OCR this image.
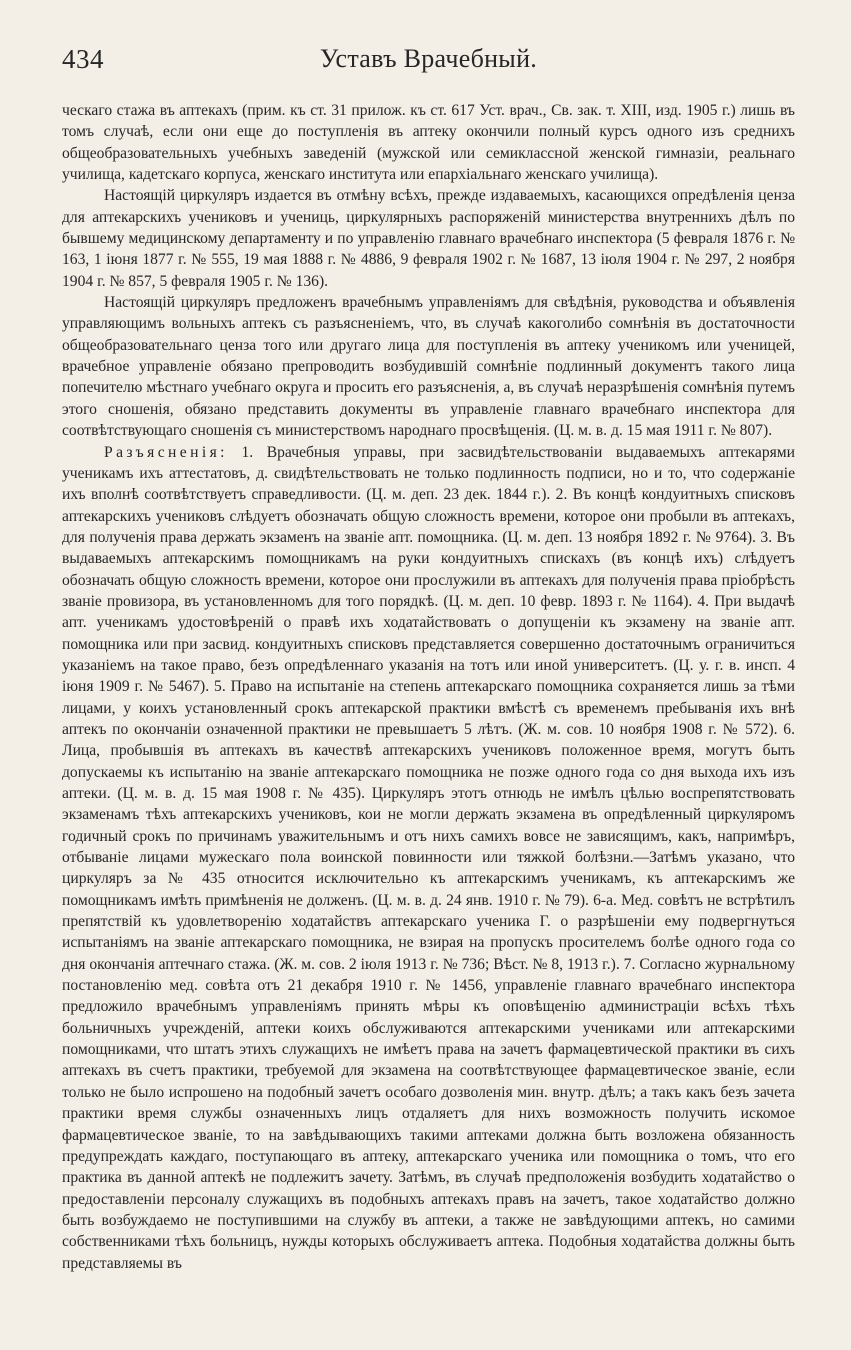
434	Уставъ Врачебный.

ческаго стажа въ аптекахъ (прим. къ ст. 31 прилож. къ ст. 617 Уст. врач., Св. зак. т. XIII, изд. 1905 г.) лишь въ томъ случаѣ, если они еще до поступленія въ аптеку окончили полный курсъ одного изъ среднихъ общеобразовательныхъ учебныхъ заведеній (мужской или семиклассной женской гимназіи, реальнаго училища, кадетскаго корпуса, женскаго института или епархіальнаго женскаго училища).

Настоящій циркуляръ издается въ отмѣну всѣхъ, прежде издаваемыхъ, касающихся опредѣленія ценза для аптекарскихъ учениковъ и учениць, циркулярныхъ распоряженій министерства внутреннихъ дѣлъ по бывшему медицинскому департаменту и по управленію главнаго врачебнаго инспектора (5 февраля 1876 г. № 163, 1 іюня 1877 г. № 555, 19 мая 1888 г. № 4886, 9 февраля 1902 г. № 1687, 13 іюля 1904 г. № 297, 2 ноября 1904 г. № 857, 5 февраля 1905 г. № 136).

Настоящій циркуляръ предложенъ врачебнымъ управленіямъ для свѣдѣнія, руководства и объявленія управляющимъ вольныхъ аптекъ съ разъясненіемъ, что, въ случаѣ какоголибо сомнѣнія въ достаточности общеобразовательнаго ценза того или другаго лица для поступленія въ аптеку ученикомъ или ученицей, врачебное управленіе обязано препроводить возбудившій сомнѣніе подлинный документъ такого лица попечителю мѣстнаго учебнаго округа и просить его разъясненія, а, въ случаѣ неразрѣшенія сомнѣнія путемъ этого сношенія, обязано представить документы въ управленіе главнаго врачебнаго инспектора для соотвѣтствующаго сношенія съ министерствомъ народнаго просвѣщенія. (Ц. м. в. д. 15 мая 1911 г. № 807).

Разъясненія: 1. Врачебныя управы, при засвидѣтельствованіи выдаваемыхъ аптекарями ученикамъ ихъ аттестатовъ, д. свидѣтельствовать не только подлинность подписи, но и то, что содержаніе ихъ вполнѣ соотвѣтствуетъ справедливости. (Ц. м. деп. 23 дек. 1844 г.). 2. Въ концѣ кондуитныхъ списковъ аптекарскихъ учениковъ слѣдуетъ обозначать общую сложность времени, которое они пробыли въ аптекахъ, для полученія права держать экзаменъ на званіе апт. помощника. (Ц. м. деп. 13 ноября 1892 г. № 9764). 3. Въ выдаваемыхъ аптекарскимъ помощникамъ на руки кондуитныхъ спискахъ (въ концѣ ихъ) слѣдуетъ обозначать общую сложность времени, которое они прослужили въ аптекахъ для полученія права пріобрѣсть званіе провизора, въ установленномъ для того порядкѣ. (Ц. м. деп. 10 февр. 1893 г. № 1164). 4. При выдачѣ апт. ученикамъ удостовѣреній о правѣ ихъ ходатайствовать о допущеніи къ экзамену на званіе апт. помощника или при засвид. кондуитныхъ списковъ представляется совершенно достаточнымъ ограничиться указаніемъ на такое право, безъ опредѣленнаго указанія на тотъ или иной университетъ. (Ц. у. г. в. инсп. 4 іюня 1909 г. № 5467). 5. Право на испытаніе на степень аптекарскаго помощника сохраняется лишь за тѣми лицами, у коихъ установленный срокъ аптекарской практики вмѣстѣ съ временемъ пребыванія ихъ внѣ аптекъ по окончаніи означенной практики не превышаетъ 5 лѣтъ. (Ж. м. сов. 10 ноября 1908 г. № 572). 6. Лица, пробывшія въ аптекахъ въ качествѣ аптекарскихъ учениковъ положенное время, могутъ быть допускаемы къ испытанію на званіе аптекарскаго помощника не позже одного года со дня выхода ихъ изъ аптеки. (Ц. м. в. д. 15 мая 1908 г. № 435). Циркуляръ этотъ отнюдь не имѣлъ цѣлью воспрепятствовать экзаменамъ тѣхъ аптекарскихъ учениковъ, кои не могли держать экзамена въ опредѣленный циркуляромъ годичный срокъ по причинамъ уважительнымъ и отъ нихъ самихъ вовсе не зависящимъ, какъ, напримѣръ, отбываніе лицами мужескаго пола воинской повинности или тяжкой болѣзни.—Затѣмъ указано, что циркуляръ за № 435 относится исключительно къ аптекарскимъ ученикамъ, къ аптекарскимъ же помощникамъ имѣть примѣненія не долженъ. (Ц. м. в. д. 24 янв. 1910 г. № 79). 6-а. Мед. совѣтъ не встрѣтилъ препятствій къ удовлетворенію ходатайствъ аптекарскаго ученика Г. о разрѣшеніи ему подвергнуться испытаніямъ на званіе аптекарскаго помощника, не взирая на пропускъ просителемъ болѣе одного года со дня окончанія аптечнаго стажа. (Ж. м. сов. 2 іюля 1913 г. № 736; Вѣст. № 8, 1913 г.). 7. Согласно журнальному постановленію мед. совѣта отъ 21 декабря 1910 г. № 1456, управленіе главнаго врачебнаго инспектора предложило врачебнымъ управленіямъ принять мѣры къ оповѣщенію администраціи всѣхъ тѣхъ больничныхъ учрежденій, аптеки коихъ обслуживаются аптекарскими учениками или аптекарскими помощниками, что штатъ этихъ служащихъ не имѣетъ права на зачетъ фармацевтической практики въ сихъ аптекахъ въ счетъ практики, требуемой для экзамена на соотвѣтствующее фармацевтическое званіе, если только не было испрошено на подобный зачетъ особаго дозволенія мин. внутр. дѣлъ; а такъ какъ безъ зачета практики время службы означенныхъ лицъ отдаляетъ для нихъ возможность получить искомое фармацевтическое званіе, то на завѣдывающихъ такими аптеками должна быть возложена обязанность предупреждать каждаго, поступающаго въ аптеку, аптекарскаго ученика или помощника о томъ, что его практика въ данной аптекѣ не подлежитъ зачету. Затѣмъ, въ случаѣ предположенія возбудить ходатайство о предоставленіи персоналу служащихъ въ подобныхъ аптекахъ правъ на зачетъ, такое ходатайство должно быть возбуждаемо не поступившими на службу въ аптеки, а также не завѣдующими аптекъ, но самими собственниками тѣхъ больницъ, нужды которыхъ обслуживаетъ аптека. Подобныя ходатайства должны быть представляемы въ
